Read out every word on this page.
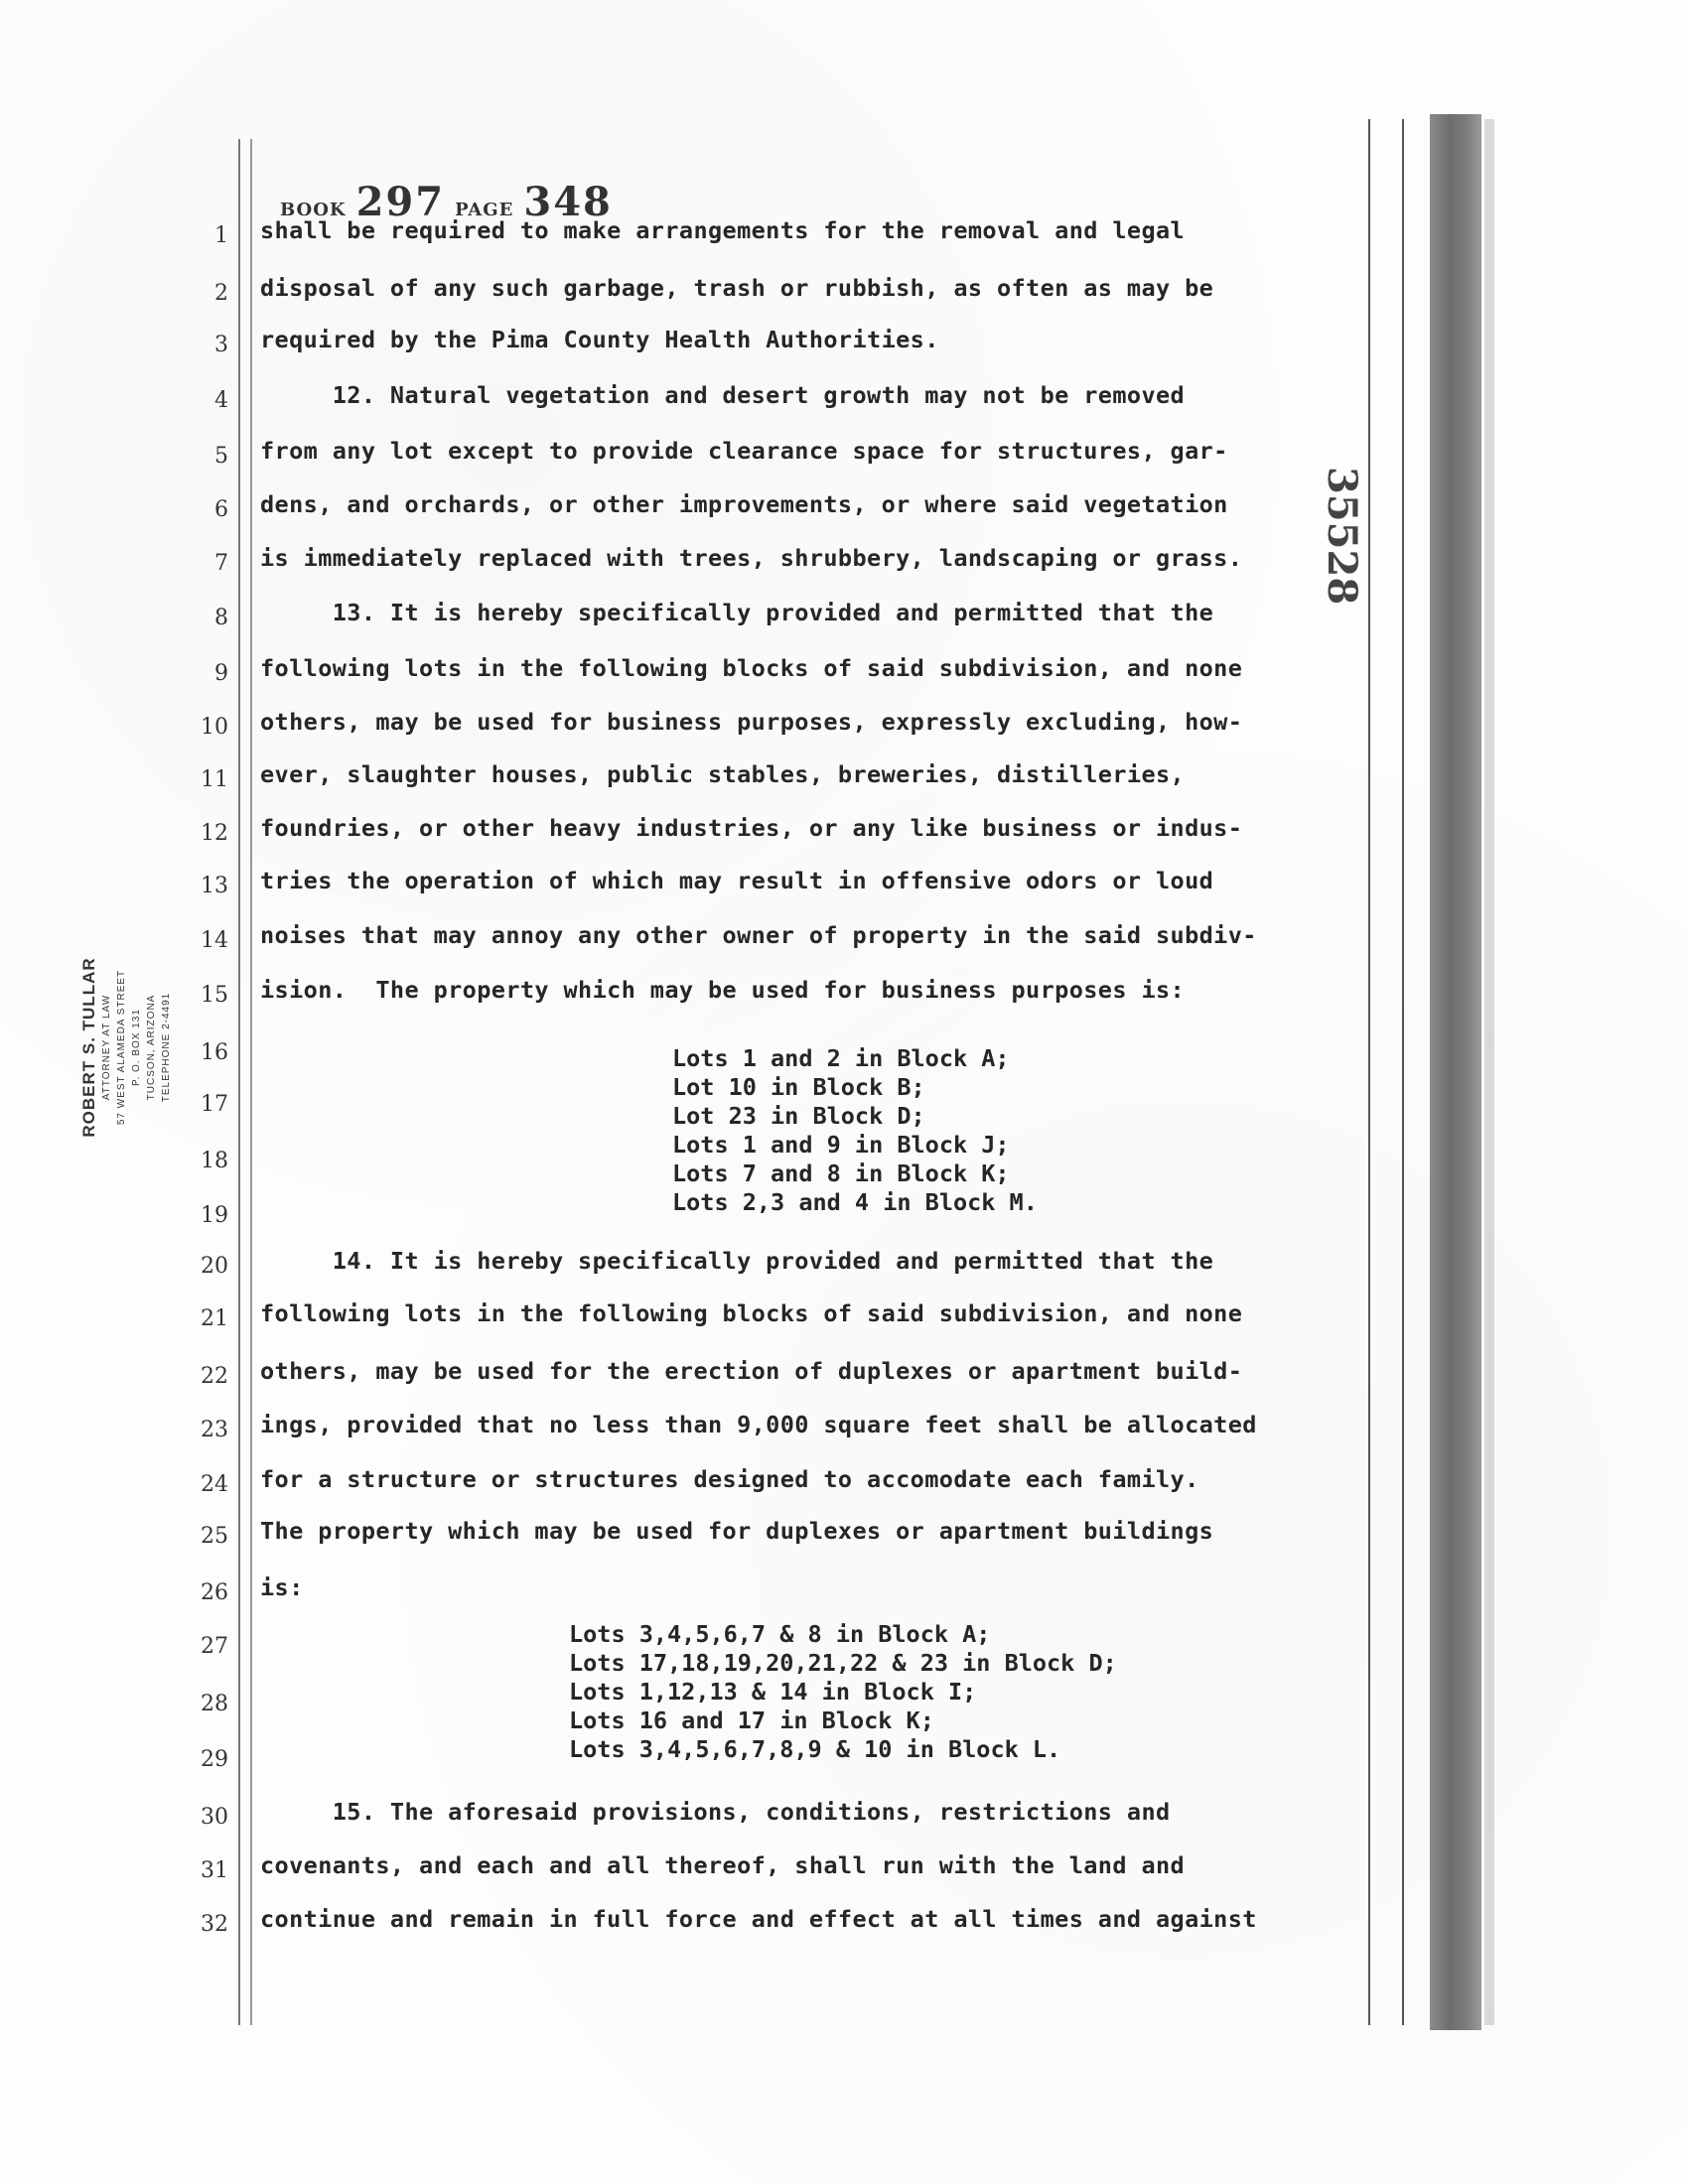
BOOK 297 PAGE 348
35528
ROBERT S. TULLAR ATTORNEY AT LAW 57 WEST ALAMEDA STREET P. O. BOX 131 TUCSON, ARIZONA TELEPHONE 2-4491
1
2
3
4
5
6
7
8
9
10
11
12
13
14
15
16
17
18
19
20
21
22
23
24
25
26
27
28
29
30
31
32
shall be required to make arrangements for the removal and legal
disposal of any such garbage, trash or rubbish, as often as may be
required by the Pima County Health Authorities.
12. Natural vegetation and desert growth may not be removed
from any lot except to provide clearance space for structures, gar-
dens, and orchards, or other improvements, or where said vegetation
is immediately replaced with trees, shrubbery, landscaping or grass.
13. It is hereby specifically provided and permitted that the
following lots in the following blocks of said subdivision, and none
others, may be used for business purposes, expressly excluding, how-
ever, slaughter houses, public stables, breweries, distilleries,
foundries, or other heavy industries, or any like business or indus-
tries the operation of which may result in offensive odors or loud
noises that may annoy any other owner of property in the said subdiv-
ision.  The property which may be used for business purposes is:
14. It is hereby specifically provided and permitted that the
following lots in the following blocks of said subdivision, and none
others, may be used for the erection of duplexes or apartment build-
ings, provided that no less than 9,000 square feet shall be allocated
for a structure or structures designed to accomodate each family.
The property which may be used for duplexes or apartment buildings
is:
15. The aforesaid provisions, conditions, restrictions and
covenants, and each and all thereof, shall run with the land and
continue and remain in full force and effect at all times and against
Lots 1 and 2 in Block A;
Lot 10 in Block B;
Lot 23 in Block D;
Lots 1 and 9 in Block J;
Lots 7 and 8 in Block K;
Lots 2,3 and 4 in Block M.
Lots 3,4,5,6,7 & 8 in Block A;
Lots 17,18,19,20,21,22 & 23 in Block D;
Lots 1,12,13 & 14 in Block I;
Lots 16 and 17 in Block K;
Lots 3,4,5,6,7,8,9 & 10 in Block L.
